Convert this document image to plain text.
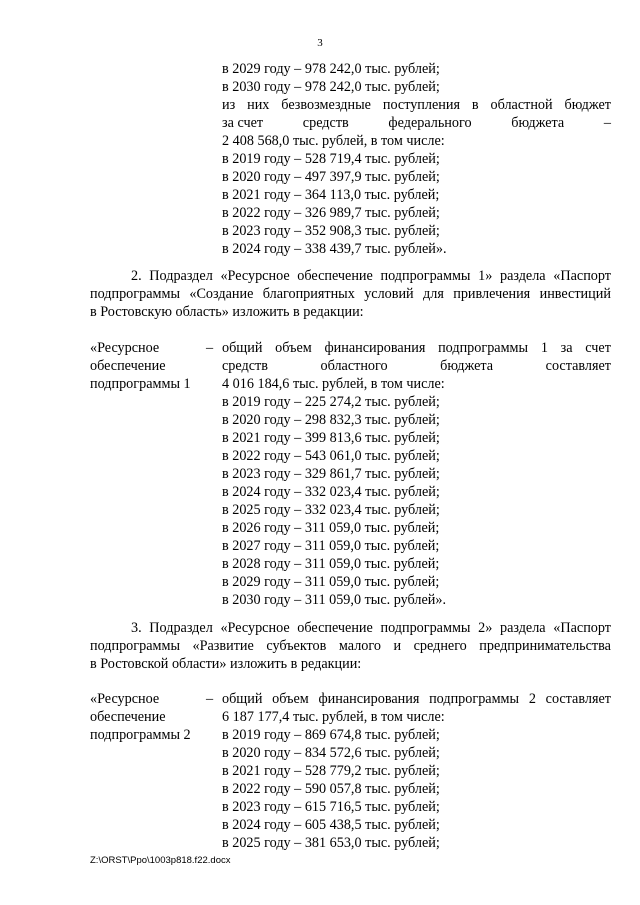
3
в 2029 году – 978 242,0 тыс. рублей;
в 2030 году – 978 242,0 тыс. рублей;
из них безвозмездные поступления в областной бюджет
за счет	средств	федерального	бюджета	–
2 408 568,0 тыс. рублей, в том числе:
в 2019 году – 528 719,4 тыс. рублей;
в 2020 году – 497 397,9 тыс. рублей;
в 2021 году – 364 113,0 тыс. рублей;
в 2022 году – 326 989,7 тыс. рублей;
в 2023 году – 352 908,3 тыс. рублей;
в 2024 году – 338 439,7 тыс. рублей».
2. Подраздел «Ресурсное обеспечение подпрограммы 1» раздела «Паспорт
подпрограммы «Создание благоприятных условий для привлечения инвестиций
в Ростовскую область» изложить в редакции:
«Ресурсное
обеспечение
подпрограммы 1
– общий объем финансирования подпрограммы 1 за счет
средств	областного	бюджета	составляет
4 016 184,6 тыс. рублей, в том числе:
в 2019 году – 225 274,2 тыс. рублей;
в 2020 году – 298 832,3 тыс. рублей;
в 2021 году – 399 813,6 тыс. рублей;
в 2022 году – 543 061,0 тыс. рублей;
в 2023 году – 329 861,7 тыс. рублей;
в 2024 году – 332 023,4 тыс. рублей;
в 2025 году – 332 023,4 тыс. рублей;
в 2026 году – 311 059,0 тыс. рублей;
в 2027 году – 311 059,0 тыс. рублей;
в 2028 году – 311 059,0 тыс. рублей;
в 2029 году – 311 059,0 тыс. рублей;
в 2030 году – 311 059,0 тыс. рублей».
3. Подраздел «Ресурсное обеспечение подпрограммы 2» раздела «Паспорт
подпрограммы «Развитие субъектов малого и среднего предпринимательства
в Ростовской области» изложить в редакции:
«Ресурсное
обеспечение
подпрограммы 2
– общий объем финансирования подпрограммы 2 составляет
6 187 177,4 тыс. рублей, в том числе:
в 2019 году – 869 674,8 тыс. рублей;
в 2020 году – 834 572,6 тыс. рублей;
в 2021 году – 528 779,2 тыс. рублей;
в 2022 году – 590 057,8 тыс. рублей;
в 2023 году – 615 716,5 тыс. рублей;
в 2024 году – 605 438,5 тыс. рублей;
в 2025 году – 381 653,0 тыс. рублей;
Z:\ORST\Ppo\1003p818.f22.docx
